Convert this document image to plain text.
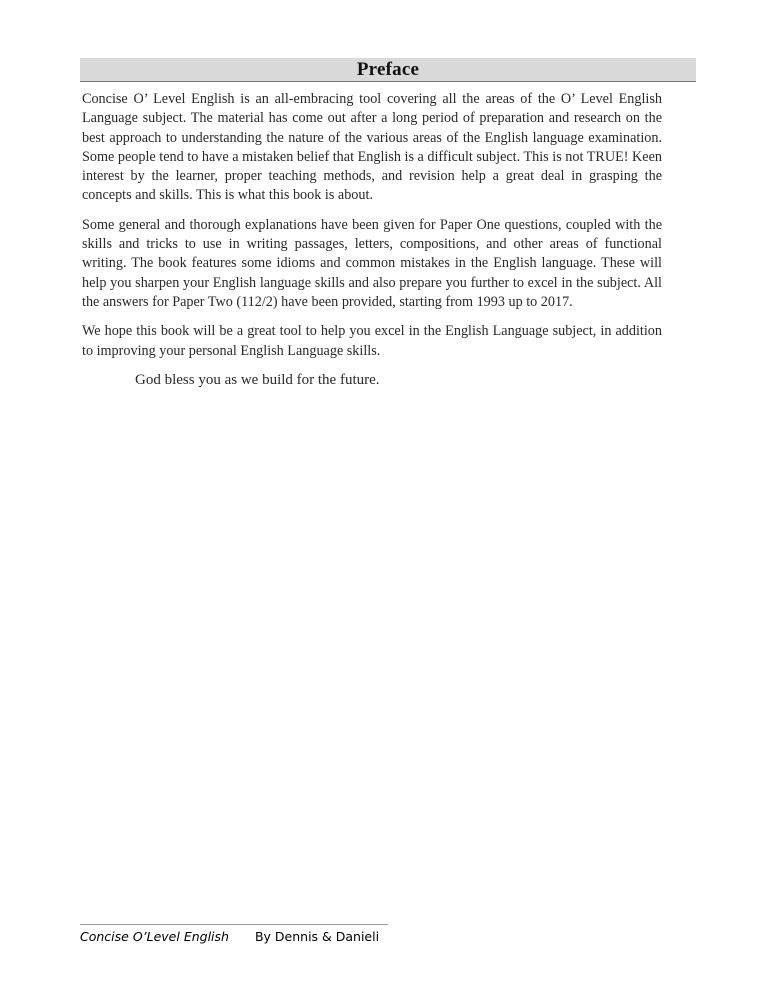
Preface

Concise O’ Level English is an all-embracing tool covering all the areas of the O’ Level English Language subject. The material has come out after a long period of preparation and research on the best approach to understanding the nature of the various areas of the English language examination. Some people tend to have a mistaken belief that English is a difficult subject. This is not TRUE! Keen interest by the learner, proper teaching methods, and revision help a great deal in grasping the concepts and skills. This is what this book is about.

Some general and thorough explanations have been given for Paper One questions, coupled with the skills and tricks to use in writing passages, letters, compositions, and other areas of functional writing. The book features some idioms and common mistakes in the English language. These will help you sharpen your English language skills and also prepare you further to excel in the subject. All the answers for Paper Two (112/2) have been provided, starting from 1993 up to 2017.

We hope this book will be a great tool to help you excel in the English Language subject, in addition to improving your personal English Language skills.

God bless you as we build for the future.

Concise O’Level English By Dennis & Danieli
